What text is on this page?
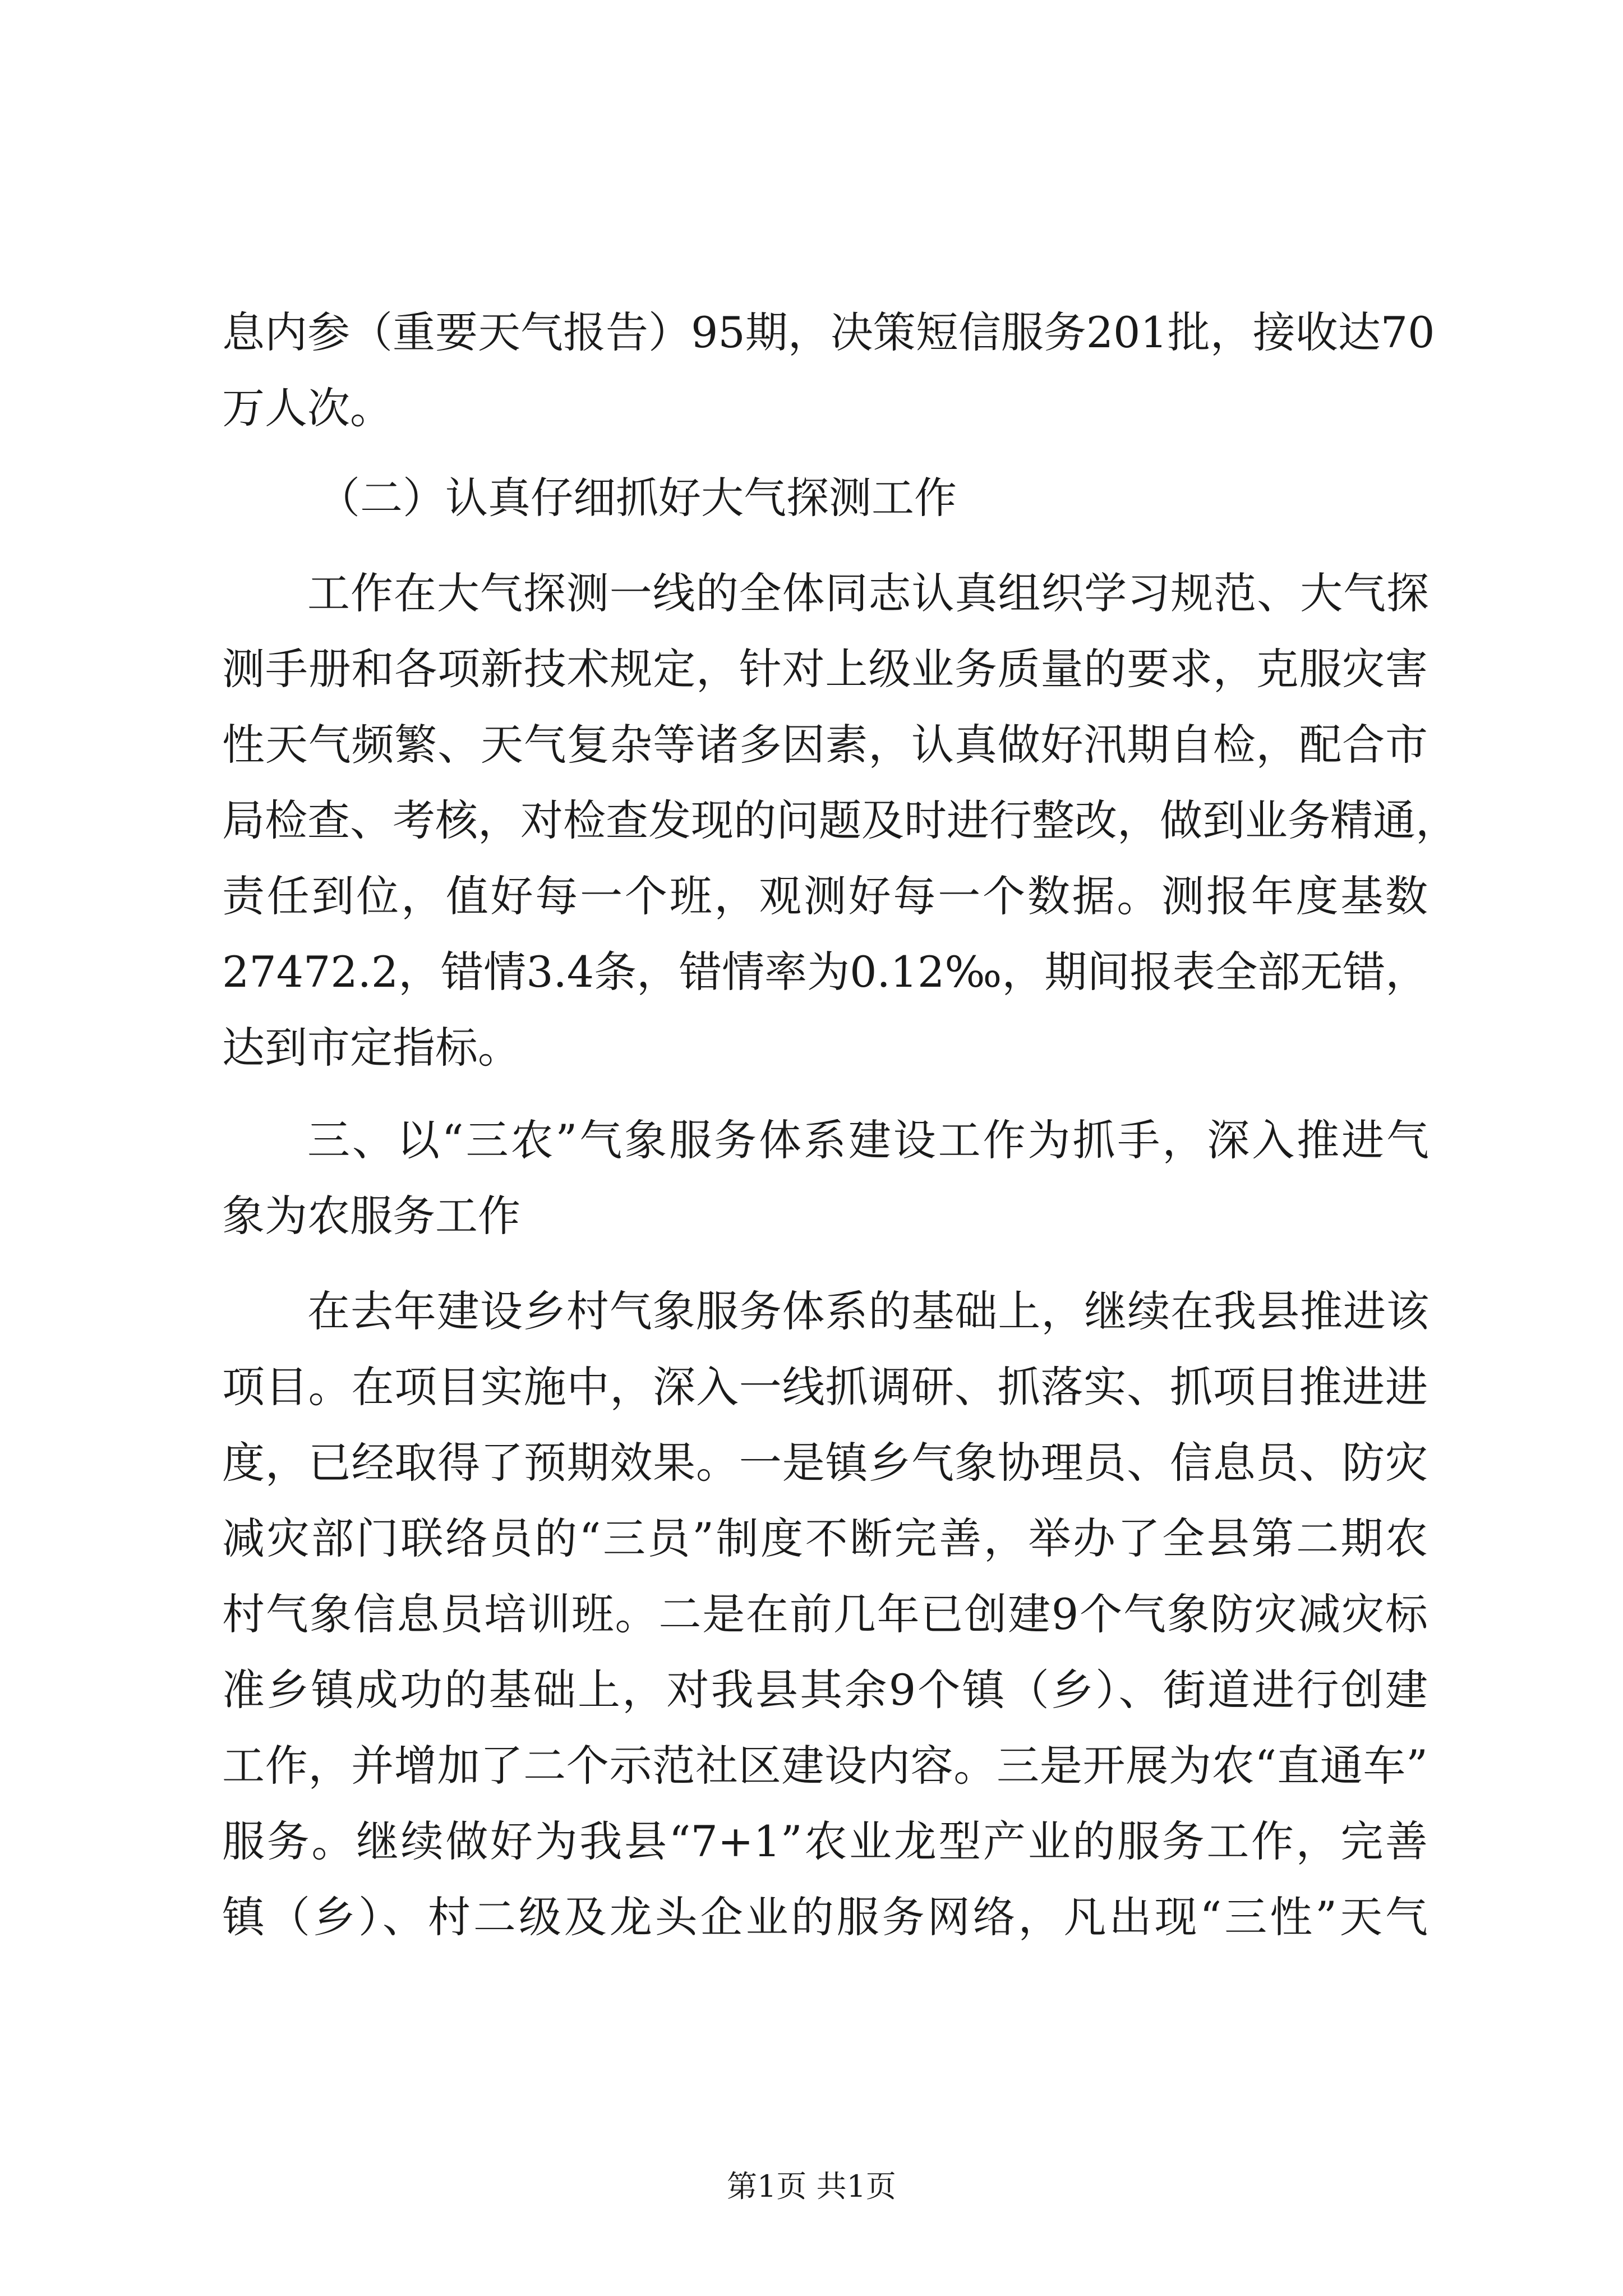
息内参（重要天气报告）95期，决策短信服务201批，接收达70
万人次。
（二）认真仔细抓好大气探测工作
工作在大气探测一线的全体同志认真组织学习规范、大气探
测手册和各项新技术规定，针对上级业务质量的要求，克服灾害
性天气频繁、天气复杂等诸多因素，认真做好汛期自检，配合市
局检查、考核，对检查发现的问题及时进行整改，做到业务精通，
责任到位，值好每一个班，观测好每一个数据。测报年度基数
27472.2，错情3.4条，错情率为0.12‰，期间报表全部无错，
达到市定指标。
三、以“三农”气象服务体系建设工作为抓手，深入推进气
象为农服务工作
在去年建设乡村气象服务体系的基础上，继续在我县推进该
项目。在项目实施中，深入一线抓调研、抓落实、抓项目推进进
度，已经取得了预期效果。一是镇乡气象协理员、信息员、防灾
减灾部门联络员的“三员”制度不断完善，举办了全县第二期农
村气象信息员培训班。二是在前几年已创建9个气象防灾减灾标
准乡镇成功的基础上，对我县其余9个镇（乡）、街道进行创建
工作，并增加了二个示范社区建设内容。三是开展为农“直通车”
服务。继续做好为我县“7+1”农业龙型产业的服务工作，完善
镇（乡）、村二级及龙头企业的服务网络，凡出现“三性”天气
第1页 共1页
